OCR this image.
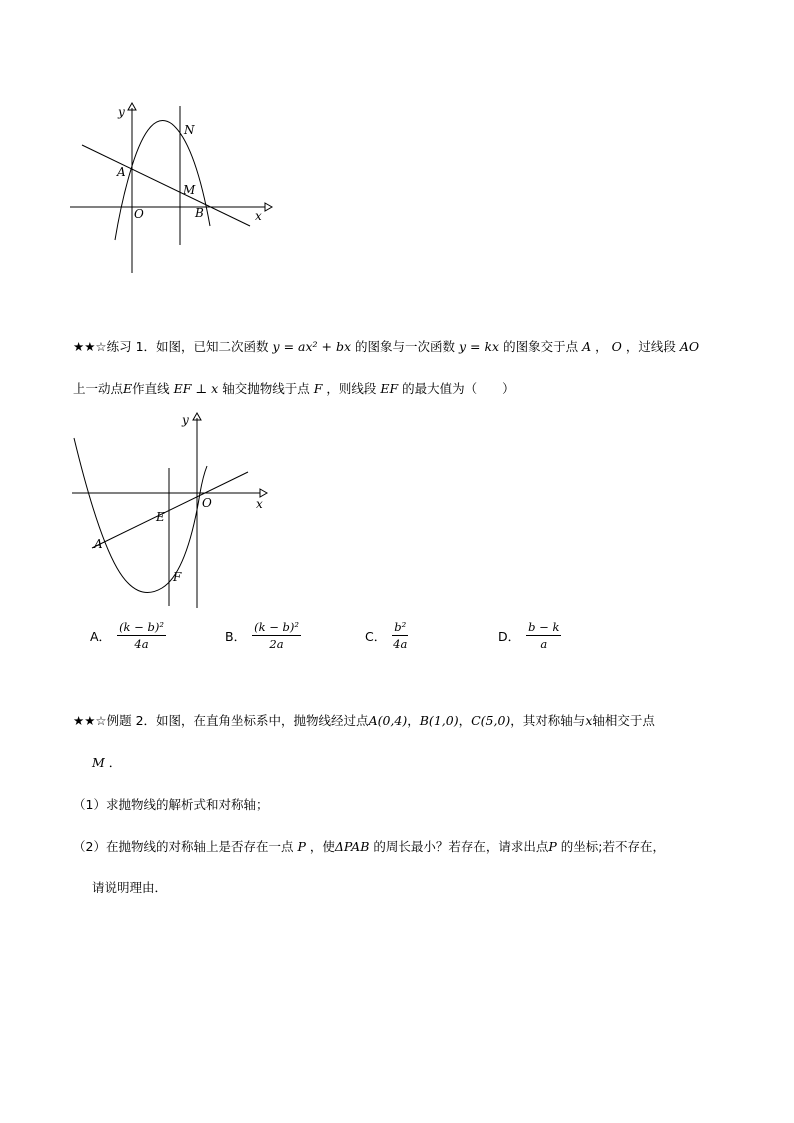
y
x
N
A
M
O	B
★★☆练习 1．如图，已知二次函数 y = ax² + bx 的图象与一次函数 y = kx 的图象交于点 A ， O ，过线段 AO
上一动点E作直线 EF ⊥ x 轴交抛物线于点 F ，则线段 EF 的最大值为（　　）
y
x
O
E
A
F
A． $\frac{\text{(k − b)²}}{4a}$	B． $\frac{\text{(k − b)²}}{2a}$	C． $\frac{\text{b²}}{4a}$	D． $\frac{b - k}{a}$
★★☆例题 2．如图，在直角坐标系中，抛物线经过点A(0,4)，B(1,0)，C(5,0)，其对称轴与x轴相交于点
M ．
（1）求抛物线的解析式和对称轴；
（2）在抛物线的对称轴上是否存在一点 P ，使ΔPAB 的周长最小？若存在，请求出点P 的坐标;若不存在，
请说明理由．
